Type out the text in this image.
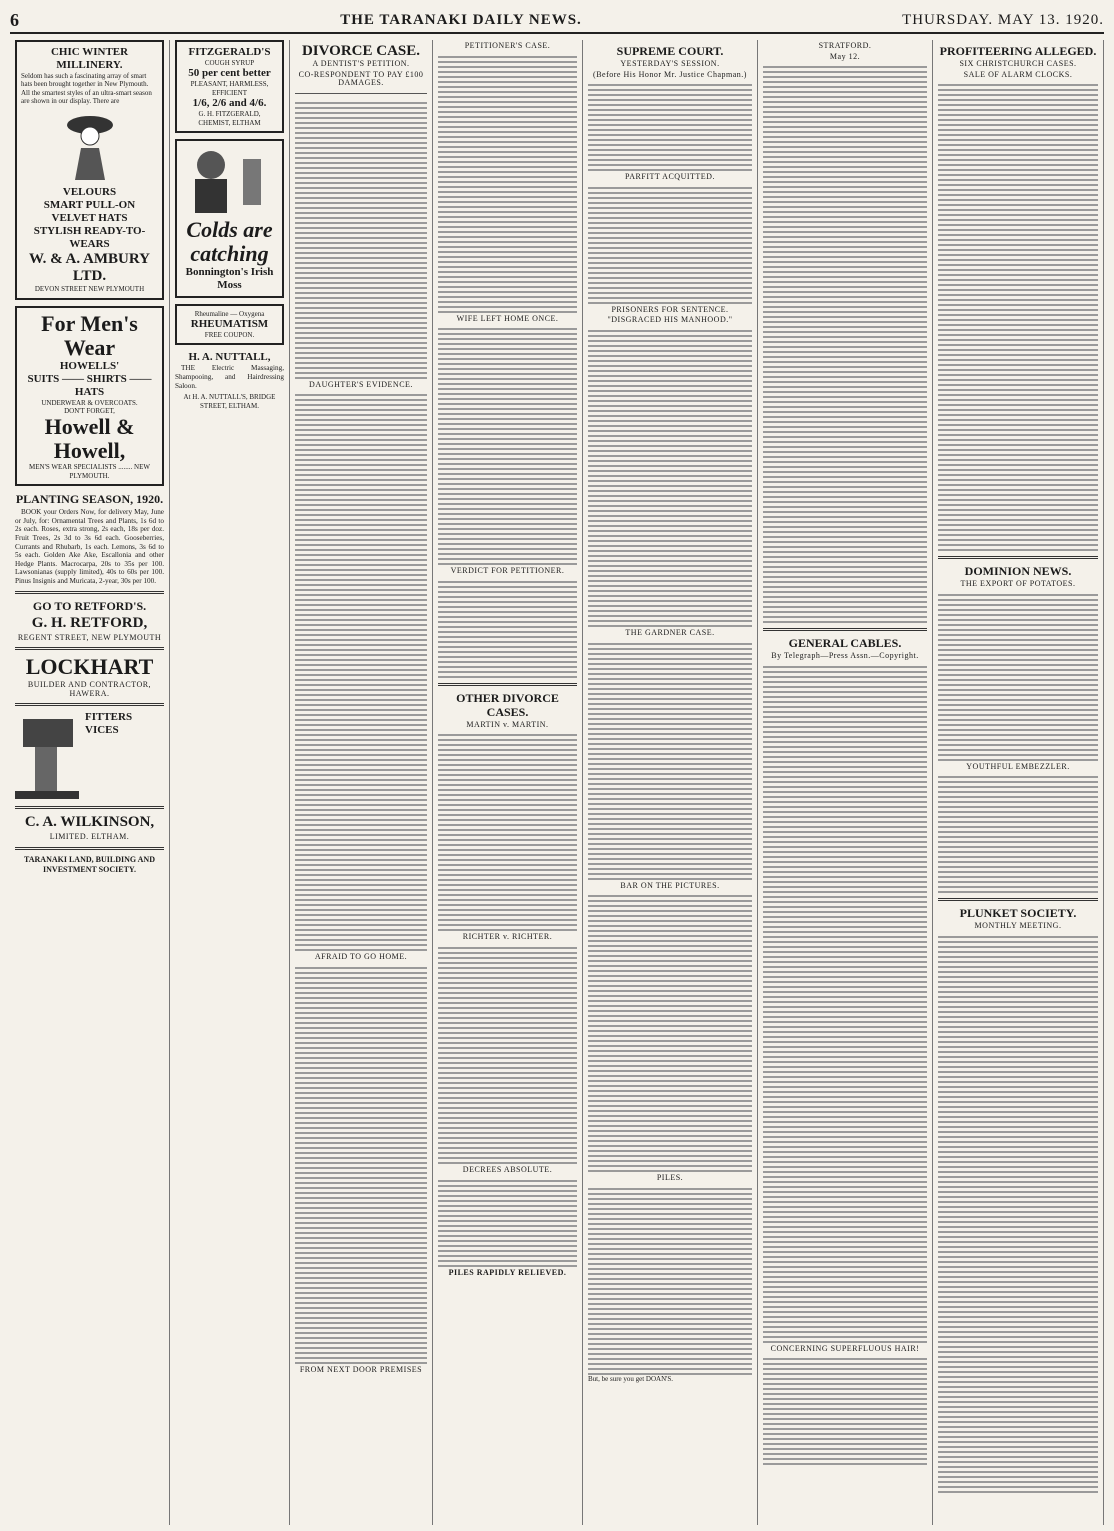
6	THE TARANAKI DAILY NEWS.	THURSDAY. MAY 13. 1920.
CHIC WINTER MILLINERY.
Seldom has such a fascinating array of smart hats been brought together in New Plymouth. All the smartest styles of an ultra-smart season are shown in our display. There are
VELOURS
SMART PULL-ON VELVET HATS
STYLISH READY-TO-WEARS
W. & A. AMBURY LTD.
DEVON STREET NEW PLYMOUTH
For Men's Wear
HOWELLS'
SUITS —— SHIRTS —— HATS
UNDERWEAR & OVERCOATS.
DON'T FORGET,
Howell & Howell,
MEN'S WEAR SPECIALISTS ........ NEW PLYMOUTH.
PLANTING SEASON, 1920.

BOOK your Orders Now, for delivery May, June or July, for: Ornamental Trees and Plants, 1s 6d to 2s each. Roses, extra strong, 2s each, 18s per doz. Fruit Trees, 2s 3d to 3s 6d each. Gooseberries, Currants and Rhubarb, 1s each. Lemons, 3s 6d to 5s each. Golden Ake Ake, Escallonia and other Hedge Plants. Macrocarpa, 20s to 35s per 100. Lawsonianas (supply limited), 40s to 60s per 100. Pinus Insignis and Muricata, 2-year, 30s per 100.

GO TO RETFORD'S.
G. H. RETFORD,
REGENT STREET, NEW PLYMOUTH
LOCKHART
BUILDER AND CONTRACTOR, HAWERA.
FITTERS VICES
C. A. WILKINSON,
LIMITED. ELTHAM.
TARANAKI LAND, BUILDING AND INVESTMENT SOCIETY.
FITZGERALD'S
COUGH SYRUP
50 per cent better
PLEASANT, HARMLESS, EFFICIENT
1/6, 2/6 and 4/6.
G. H. FITZGERALD,
CHEMIST, ELTHAM
Colds are catching
Bonnington's Irish Moss
Rheumaline — Oxygena
RHEUMATISM
FREE COUPON.
H. A. NUTTALL,

THE Electric Massaging, Shampooing, and Hairdressing Saloon.

At H. A. NUTTALL'S, BRIDGE STREET, ELTHAM.
DIVORCE CASE.
A DENTIST'S PETITION.
CO-RESPONDENT TO PAY £100 DAMAGES.
DAUGHTER'S EVIDENCE.
AFRAID TO GO HOME.
FROM NEXT DOOR PREMISES
PETITIONER'S CASE.
WIFE LEFT HOME ONCE.
VERDICT FOR PETITIONER.
OTHER DIVORCE CASES.
MARTIN v. MARTIN.
RICHTER v. RICHTER.
DECREES ABSOLUTE.
PILES RAPIDLY RELIEVED.
SUPREME COURT.
YESTERDAY'S SESSION.
(Before His Honor Mr. Justice Chapman.)
PARFITT ACQUITTED.
PRISONERS FOR SENTENCE.
"DISGRACED HIS MANHOOD."
THE GARDNER CASE.
BAR ON THE PICTURES.
PILES.
But, be sure you get DOAN'S.
STRATFORD.
May 12.
GENERAL CABLES.
By Telegraph—Press Assn.—Copyright.
CONCERNING SUPERFLUOUS HAIR!
PROFITEERING ALLEGED.
SIX CHRISTCHURCH CASES.
SALE OF ALARM CLOCKS.
DOMINION NEWS.
THE EXPORT OF POTATOES.
YOUTHFUL EMBEZZLER.
PLUNKET SOCIETY.
MONTHLY MEETING.
